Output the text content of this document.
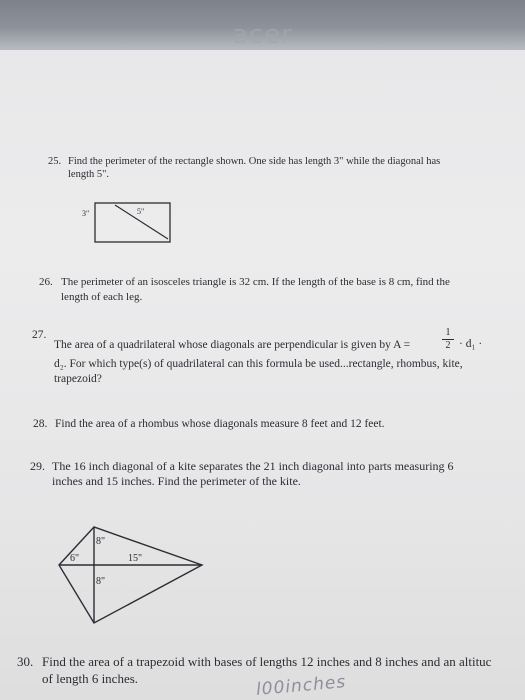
acer
25. Find the perimeter of the rectangle shown. One side has length 3" while the diagonal has
length 5".
3"	5"
26. The perimeter of an isosceles triangle is 32 cm. If the length of the base is 8 cm, find the
length of each leg.
27.
The area of a quadrilateral whose diagonals are perpendicular is given by A =
d₂. For which type(s) of quadrilateral can this formula be used...rectangle, rhombus, kite,
trapezoid?
1
2 · d₁ ·
28. Find the area of a rhombus whose diagonals measure 8 feet and 12 feet.
29. The 16 inch diagonal of a kite separates the 21 inch diagonal into parts measuring 6
inches and 15 inches. Find the perimeter of the kite.
8"
6"	15"
8"
30. Find the area of a trapezoid with bases of lengths 12 inches and 8 inches and an altituc
of length 6 inches.	l00inches
